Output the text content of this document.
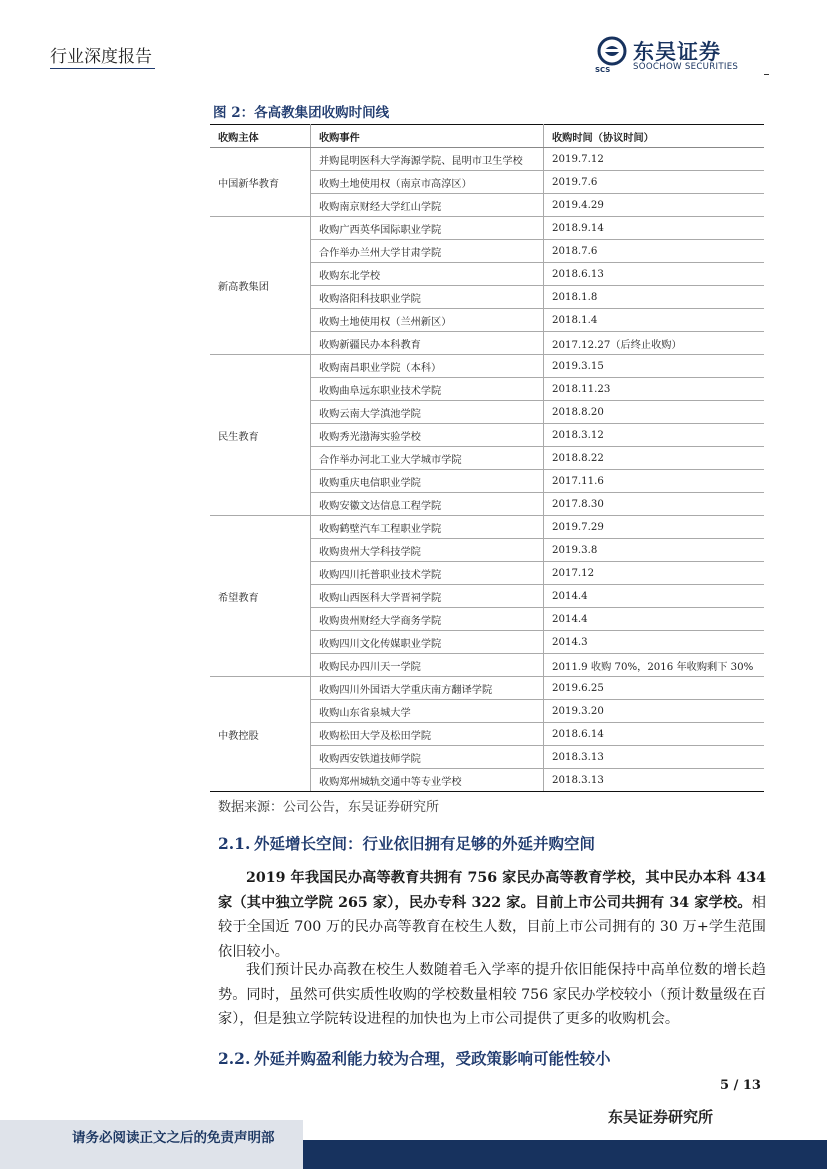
行业深度报告	东吴证券
SOOCHOW SECURITIES
SCS
图 2：各高教集团收购时间线
收购主体	收购事件	收购时间（协议时间）
中国新华教育	并购昆明医科大学海源学院、昆明市卫生学校	2019.7.12
	收购土地使用权（南京市高淳区）	2019.7.6
	收购南京财经大学红山学院	2019.4.29
新高教集团	收购广西英华国际职业学院	2018.9.14
	合作举办兰州大学甘肃学院	2018.7.6
	收购东北学校	2018.6.13
	收购洛阳科技职业学院	2018.1.8
	收购土地使用权（兰州新区）	2018.1.4
	收购新疆民办本科教育	2017.12.27（后终止收购）
民生教育	收购南昌职业学院（本科）	2019.3.15
	收购曲阜远东职业技术学院	2018.11.23
	收购云南大学滇池学院	2018.8.20
	收购秀光渤海实验学校	2018.3.12
	合作举办河北工业大学城市学院	2018.8.22
	收购重庆电信职业学院	2017.11.6
	收购安徽文达信息工程学院	2017.8.30
希望教育	收购鹤壁汽车工程职业学院	2019.7.29
	收购贵州大学科技学院	2019.3.8
	收购四川托普职业技术学院	2017.12
	收购山西医科大学晋祠学院	2014.4
	收购贵州财经大学商务学院	2014.4
	收购四川文化传媒职业学院	2014.3
	收购民办四川天一学院	2011.9 收购 70%，2016 年收购剩下 30%
中教控股	收购四川外国语大学重庆南方翻译学院	2019.6.25
	收购山东省泉城大学	2019.3.20
	收购松田大学及松田学院	2018.6.14
	收购西安铁道技师学院	2018.3.13
	收购郑州城轨交通中等专业学校	2018.3.13
数据来源：公司公告，东吴证券研究所
2.1. 外延增长空间：行业依旧拥有足够的外延并购空间
2019 年我国民办高等教育共拥有 756 家民办高等教育学校，其中民办本科 434 家（其中独立学院 265 家），民办专科 322 家。目前上市公司共拥有 34 家学校。相较于全国近 700 万的民办高等教育在校生人数，目前上市公司拥有的 30 万+学生范围依旧较小。
我们预计民办高教在校生人数随着毛入学率的提升依旧能保持中高单位数的增长趋势。同时，虽然可供实质性收购的学校数量相较 756 家民办学校较小（预计数量级在百家），但是独立学院转设进程的加快也为上市公司提供了更多的收购机会。
2.2. 外延并购盈利能力较为合理，受政策影响可能性较小
5 / 13
东吴证券研究所
请务必阅读正文之后的免责声明部
